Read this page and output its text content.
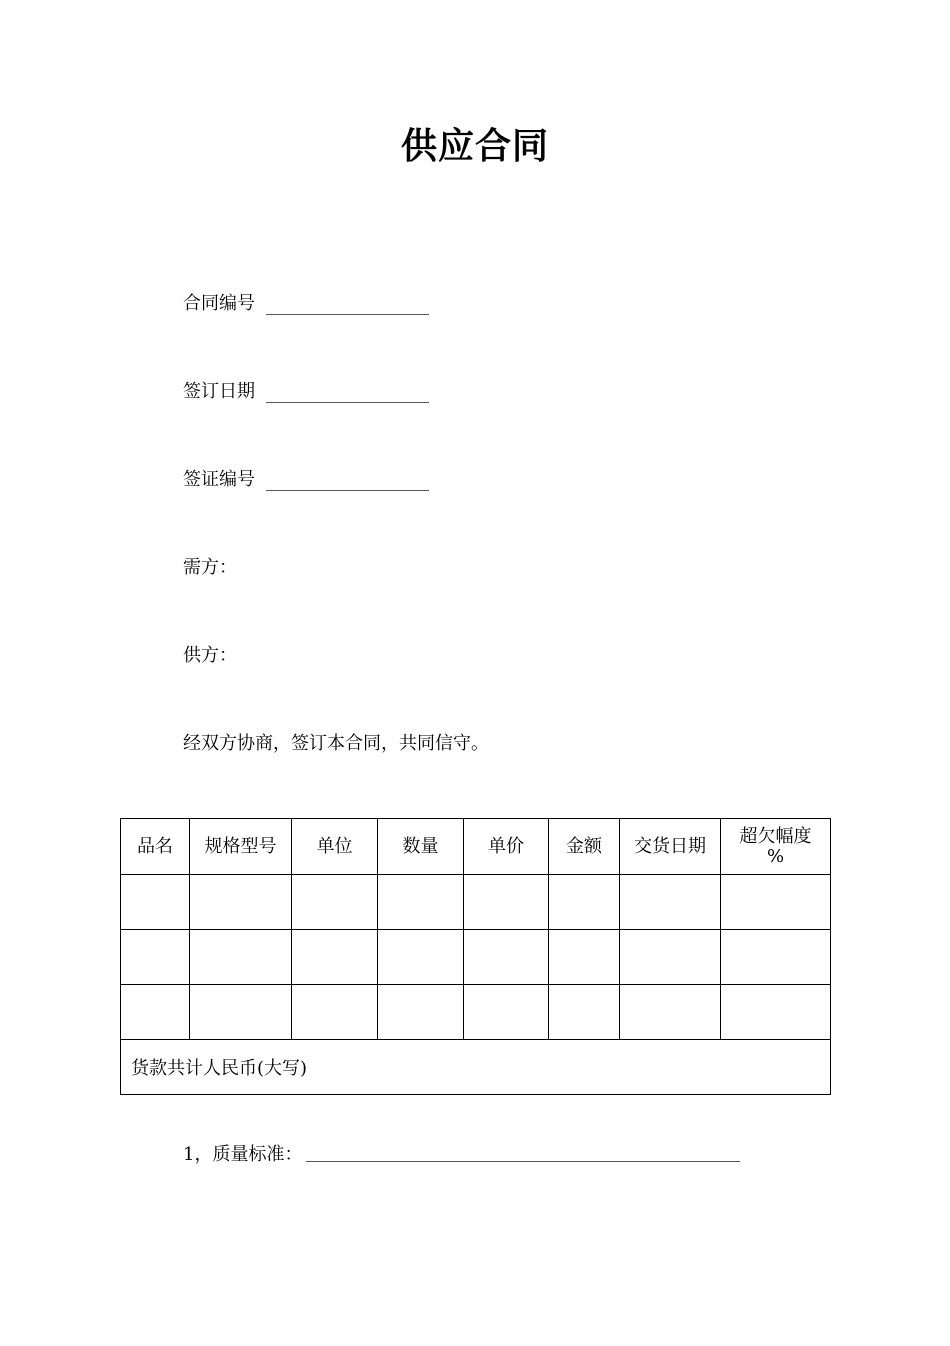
供应合同
合同编号
签订日期
签证编号
需方：
供方：
经双方协商，签订本合同，共同信守。
品名	规格型号	单位	数量	单价	金额	交货日期	超欠幅度
%

货款共计人民币(大写)							
1，质量标准：
